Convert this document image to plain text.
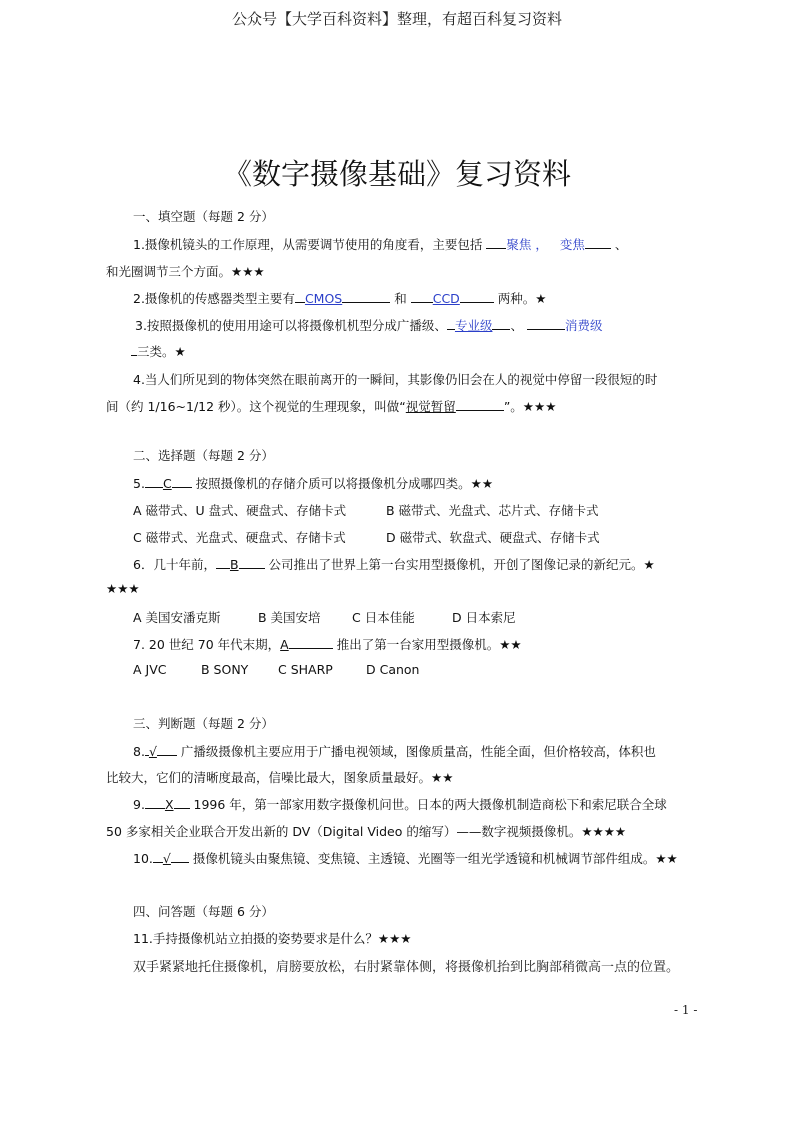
公众号【大学百科资料】整理，有超百科复习资料
《数字摄像基础》复习资料
一、填空题（每题 2 分）
1.摄像机镜头的工作原理，从需要调节使用的角度看，主要包括 聚焦 ， 变焦 、
和光圈调节三个方面。★★★
2.摄像机的传感器类型主要有 CMOS	和 CCD	两种。★
3.按照摄像机的使用用途可以将摄像机机型分成广播级、 专业级 、	消费级
三类。★
4.当人们所见到的物体突然在眼前离开的一瞬间，其影像仍旧会在人的视觉中停留一段很短的时
间（约 1/16~1/12 秒）。这个视觉的生理现象，叫做“视觉暂留	”。★★★
二、选择题（每题 2 分）
5. C 按照摄像机的存储介质可以将摄像机分成哪四类。★★
A 磁带式、U 盘式、硬盘式、存储卡式	B 磁带式、光盘式、芯片式、存储卡式
C 磁带式、光盘式、硬盘式、存储卡式	D 磁带式、软盘式、硬盘式、存储卡式
6．几十年前， B 公司推出了世界上第一台实用型摄像机，开创了图像记录的新纪元。★
★★★
A 美国安潘克斯	B 美国安培	C 日本佳能	D 日本索尼
7. 20 世纪 70 年代末期，A	推出了第一台家用型摄像机。★★
A JVC	B SONY C SHARP	D Canon
三、判断题（每题 2 分）
8. √ 广播级摄像机主要应用于广播电视领域，图像质量高，性能全面，但价格较高，体积也
比较大，它们的清晰度最高，信噪比最大，图象质量最好。★★
9. X 1996 年，第一部家用数字摄像机问世。日本的两大摄像机制造商松下和索尼联合全球
50 多家相关企业联合开发出新的 DV（Digital Video 的缩写）——数字视频摄像机。★★★★
10. √ 摄像机镜头由聚焦镜、变焦镜、主透镜、光圈等一组光学透镜和机械调节部件组成。★★
四、问答题（每题 6 分）
11.手持摄像机站立拍摄的姿势要求是什么？★★★
双手紧紧地托住摄像机，肩膀要放松，右肘紧靠体侧，将摄像机抬到比胸部稍微高一点的位置。
- 1 -
